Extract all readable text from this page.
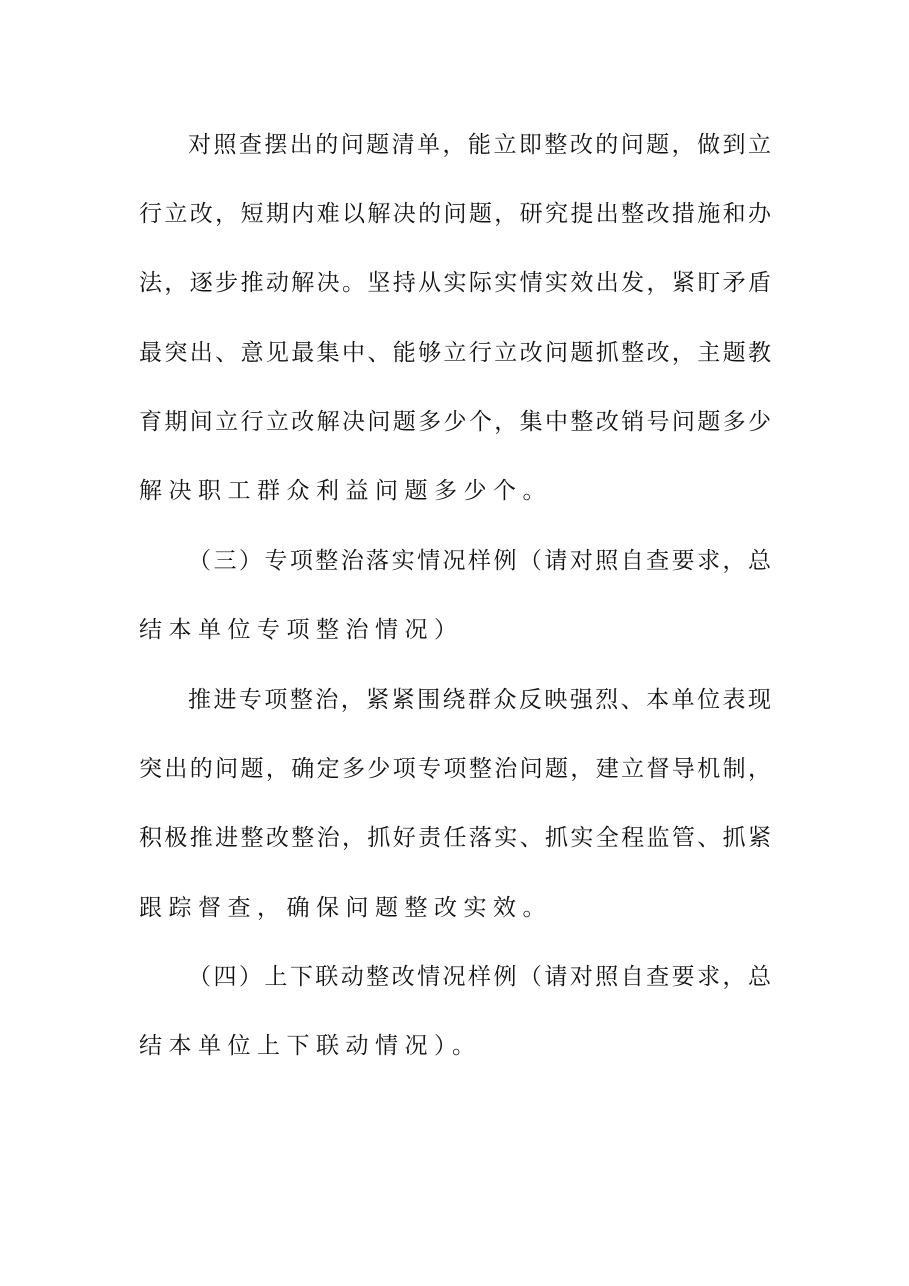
对照查摆出的问题清单，能立即整改的问题，做到立
行立改，短期内难以解决的问题，研究提出整改措施和办
法，逐步推动解决。坚持从实际实情实效出发，紧盯矛盾
最突出、意见最集中、能够立行立改问题抓整改，主题教
育期间立行立改解决问题多少个，集中整改销号问题多少
解决职工群众利益问题多少个。
（三）专项整治落实情况样例（请对照自查要求，总
结本单位专项整治情况）
推进专项整治，紧紧围绕群众反映强烈、本单位表现
突出的问题，确定多少项专项整治问题，建立督导机制，
积极推进整改整治，抓好责任落实、抓实全程监管、抓紧
跟踪督查，确保问题整改实效。
（四）上下联动整改情况样例（请对照自查要求，总
结本单位上下联动情况）。
